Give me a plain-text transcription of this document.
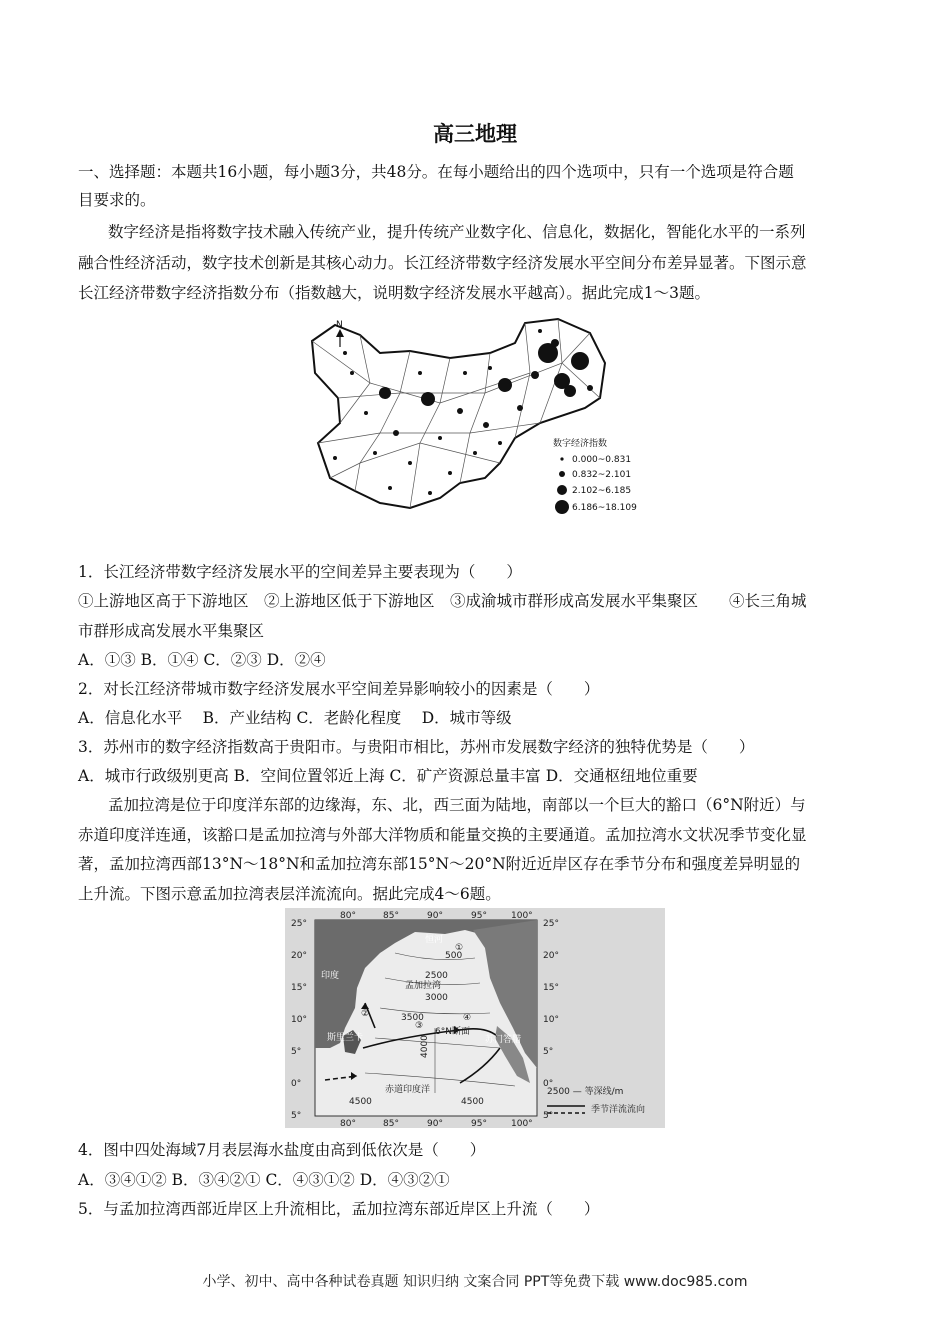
高三地理
一、选择题：本题共16小题，每小题3分，共48分。在每小题给出的四个选项中，只有一个选项是符合题
目要求的。
数字经济是指将数字技术融入传统产业，提升传统产业数字化、信息化，数据化，智能化水平的一系列
融合性经济活动，数字技术创新是其核心动力。长江经济带数字经济发展水平空间分布差异显著。下图示意
长江经济带数字经济指数分布（指数越大，说明数字经济发展水平越高）。据此完成1～3题。
N
数字经济指数
0.000~0.831
0.832~2.101
2.102~6.185
6.186~18.109
1．长江经济带数字经济发展水平的空间差异主要表现为（　　）
①上游地区高于下游地区　②上游地区低于下游地区　③成渝城市群形成高发展水平集聚区　　④长三角城
市群形成高发展水平集聚区
A．①③ B．①④ C．②③ D．②④
2．对长江经济带城市数字经济发展水平空间差异影响较小的因素是（　　）
A．信息化水平　 B．产业结构 C．老龄化程度　 D．城市等级
3．苏州市的数字经济指数高于贵阳市。与贵阳市相比，苏州市发展数字经济的独特优势是（　　）
A．城市行政级别更高 B．空间位置邻近上海 C．矿产资源总量丰富 D．交通枢纽地位重要
孟加拉湾是位于印度洋东部的边缘海，东、北，西三面为陆地，南部以一个巨大的豁口（6°N附近）与
赤道印度洋连通，该豁口是孟加拉湾与外部大洋物质和能量交换的主要通道。孟加拉湾水文状况季节变化显
著，孟加拉湾西部13°N～18°N和孟加拉湾东部15°N～20°N附近近岸区存在季节分布和强度差异明显的
上升流。下图示意孟加拉湾表层洋流流向。据此完成4～6题。
80°	85°	90°	95°	100°
80°	85°	90°	95°	100°
25°
20°
15°
10°
5°
0°
5°
25°
20°
15°
10°
5°
0°
5°
500
2500
3000
3500
4000
4500	4500
恒河
印度
孟加拉湾
斯里兰卡
赤道印度洋
6°N断面
苏门答腊
①
②
③
④
2500 — 等深线/m
季节洋流流向
4．图中四处海域7月表层海水盐度由高到低依次是（　　）
A．③④①② B．③④②① C．④③①② D．④③②①
5．与孟加拉湾西部近岸区上升流相比，孟加拉湾东部近岸区上升流（　　）
小学、初中、高中各种试卷真题 知识归纳 文案合同 PPT等免费下载 www.doc985.com
